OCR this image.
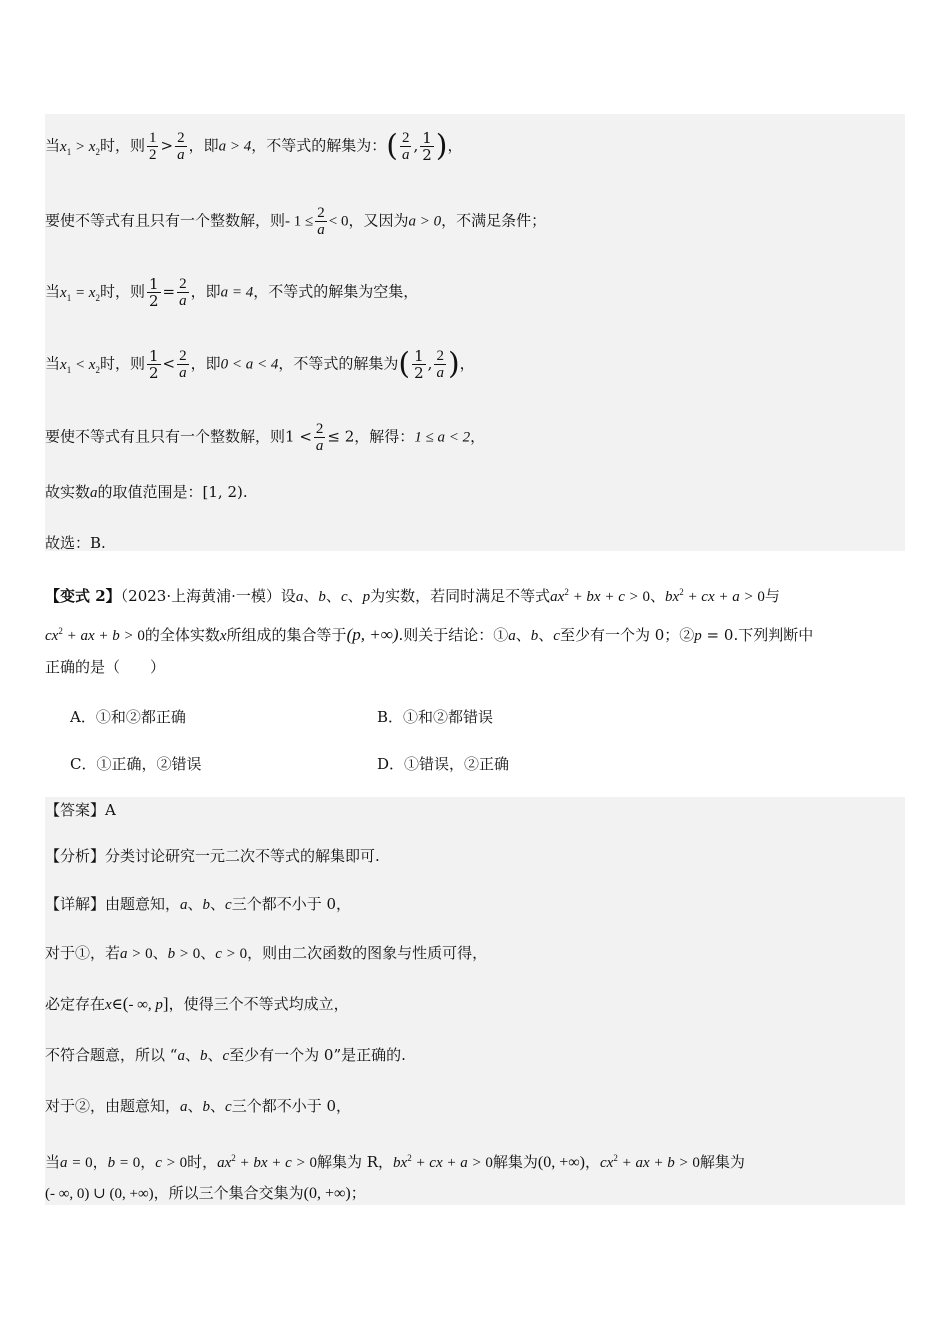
当$x_1 > x_2$时，则 $\frac{1}{2} > \frac{2}{a}$ ，即a > 4，不等式的解集为：( $\frac{2}{a}$ , $\frac{1}{2}$ )，
要使不等式有且只有一个整数解，则- $1 \le \frac{2}{a} < 0$，又因为a > 0，不满足条件；
当$x_1 = x_2$时，则 $\frac{1}{2} = \frac{2}{a}$ ，即a = 4，不等式的解集为空集，
当$x_1 < x_2$时，则 $\frac{1}{2} < \frac{2}{a}$ ，即0 < a < 4，不等式的解集为( $\frac{1}{2}$ , $\frac{2}{a}$ )，
要使不等式有且只有一个整数解，则$1 < \frac{2}{a} \le 2$，解得：1 ≤ a < 2，
故实数a的取值范围是：[1, 2).
故选：B.
【变式 2】（2023·上海黄浦·一模）设a、b、c、p为实数，若同时满足不等式$ax^2$ + bx + c > 0、$bx^2$ + cx + a > 0与
$cx^2$ + ax + b > 0的全体实数x所组成的集合等于(p, +∞).则关于结论：①a、b、c至少有一个为 0；②p = 0.下列判断中
正确的是（　　）
A．①和②都正确	B．①和②都错误
C．①正确，②错误	D．①错误，②正确
【答案】A
【分析】分类讨论研究一元二次不等式的解集即可.
【详解】由题意知，a、b、c三个都不小于 0，
对于①，若a > 0、b > 0、c > 0，则由二次函数的图象与性质可得，
必定存在x∈(- ∞, p]，使得三个不等式均成立，
不符合题意，所以 “a、b、c至少有一个为 0”是正确的.
对于②，由题意知，a、b、c三个都不小于 0，
当a = 0，b = 0，c > 0时，$ax^2$ + bx + c > 0解集为 R，$bx^2$ + cx + a > 0解集为(0, +∞)，$cx^2$ + ax + b > 0解集为
(- ∞, 0) ∪ (0, +∞)，所以三个集合交集为(0, +∞)；
